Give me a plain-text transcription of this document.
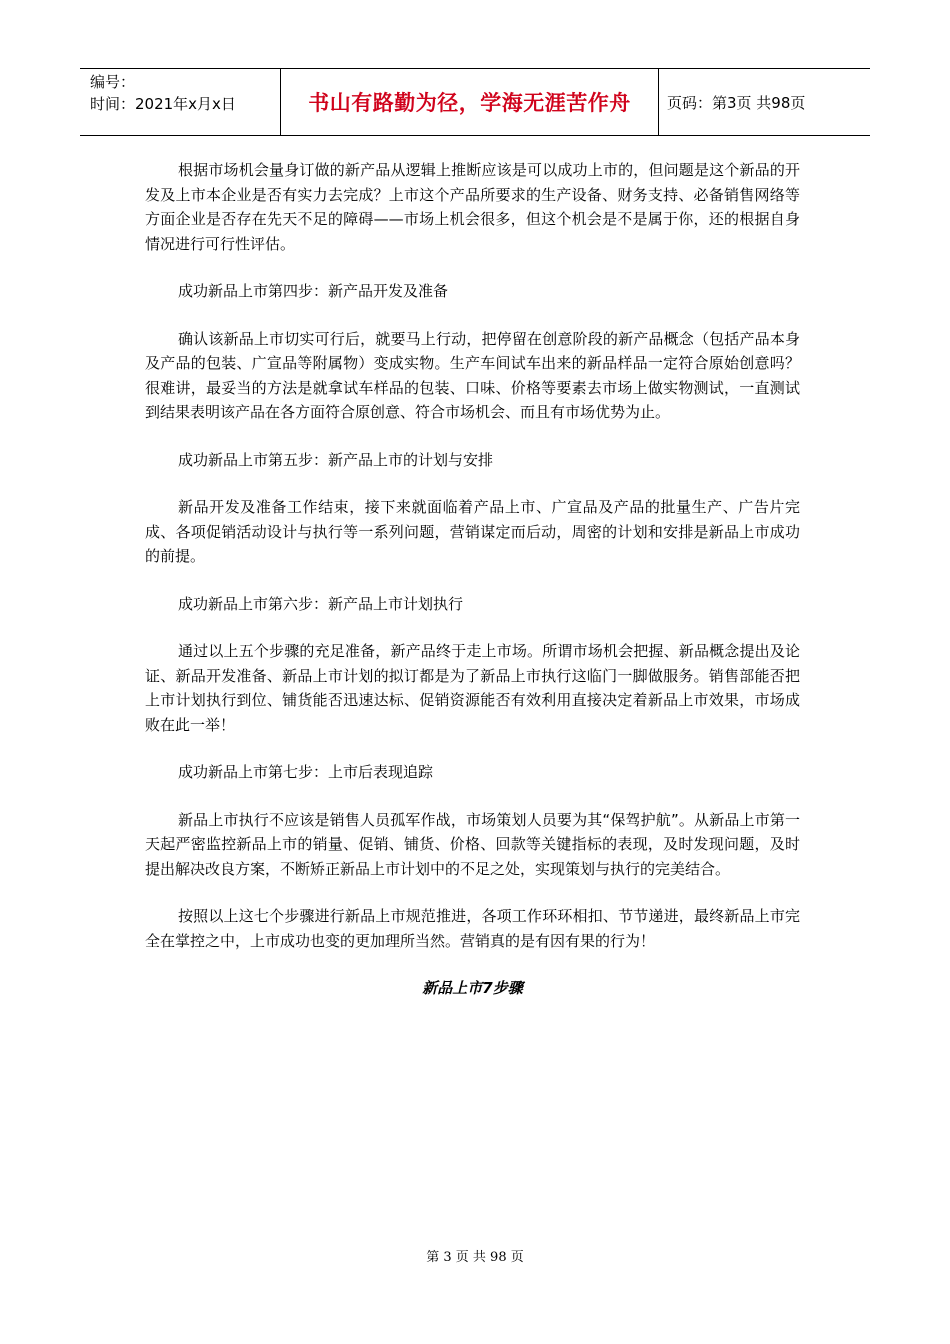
编号：
时间：2021年x月x日	书山有路勤为径，学海无涯苦作舟	页码：第3页 共98页

根据市场机会量身订做的新产品从逻辑上推断应该是可以成功上市的，但问题是这个新品的开发及上市本企业是否有实力去完成？上市这个产品所要求的生产设备、财务支持、必备销售网络等方面企业是否存在先天不足的障碍——市场上机会很多，但这个机会是不是属于你，还的根据自身情况进行可行性评估。

成功新品上市第四步：新产品开发及准备

确认该新品上市切实可行后，就要马上行动，把停留在创意阶段的新产品概念（包括产品本身及产品的包装、广宣品等附属物）变成实物。生产车间试车出来的新品样品一定符合原始创意吗？很难讲，最妥当的方法是就拿试车样品的包装、口味、价格等要素去市场上做实物测试，一直测试到结果表明该产品在各方面符合原创意、符合市场机会、而且有市场优势为止。

成功新品上市第五步：新产品上市的计划与安排

新品开发及准备工作结束，接下来就面临着产品上市、广宣品及产品的批量生产、广告片完成、各项促销活动设计与执行等一系列问题，营销谋定而后动，周密的计划和安排是新品上市成功的前提。

成功新品上市第六步：新产品上市计划执行

通过以上五个步骤的充足准备，新产品终于走上市场。所谓市场机会把握、新品概念提出及论证、新品开发准备、新品上市计划的拟订都是为了新品上市执行这临门一脚做服务。销售部能否把上市计划执行到位、铺货能否迅速达标、促销资源能否有效利用直接决定着新品上市效果，市场成败在此一举！

成功新品上市第七步：上市后表现追踪

新品上市执行不应该是销售人员孤军作战，市场策划人员要为其“保驾护航”。从新品上市第一天起严密监控新品上市的销量、促销、铺货、价格、回款等关键指标的表现，及时发现问题，及时提出解决改良方案，不断矫正新品上市计划中的不足之处，实现策划与执行的完美结合。

按照以上这七个步骤进行新品上市规范推进，各项工作环环相扣、节节递进，最终新品上市完全在掌控之中，上市成功也变的更加理所当然。营销真的是有因有果的行为！

新品上市7步骤
第 3 页 共 98 页
